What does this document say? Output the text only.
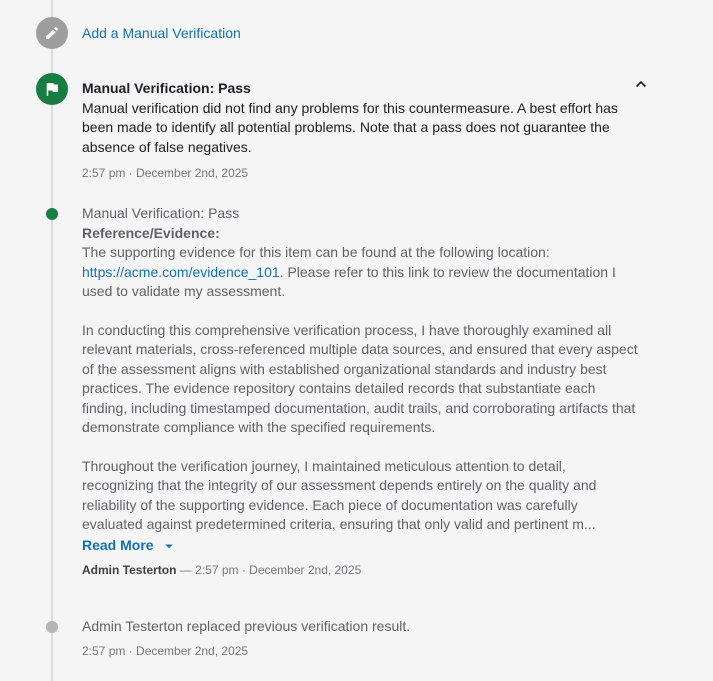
Add a Manual Verification
Manual Verification: Pass
Manual verification did not find any problems for this countermeasure. A best effort has been made to identify all potential problems. Note that a pass does not guarantee the absence of false negatives.
2:57 pm · December 2nd, 2025
Manual Verification: Pass
Reference/Evidence:
The supporting evidence for this item can be found at the following location: https://acme.com/evidence_101. Please refer to this link to review the documentation I used to validate my assessment.
In conducting this comprehensive verification process, I have thoroughly examined all relevant materials, cross-referenced multiple data sources, and ensured that every aspect of the assessment aligns with established organizational standards and industry best practices. The evidence repository contains detailed records that substantiate each finding, including timestamped documentation, audit trails, and corroborating artifacts that demonstrate compliance with the specified requirements.
Throughout the verification journey, I maintained meticulous attention to detail, recognizing that the integrity of our assessment depends entirely on the quality and reliability of the supporting evidence. Each piece of documentation was carefully evaluated against predetermined criteria, ensuring that only valid and pertinent m...
Read More
Admin Testerton — 2:57 pm · December 2nd, 2025
Admin Testerton replaced previous verification result.
2:57 pm · December 2nd, 2025
